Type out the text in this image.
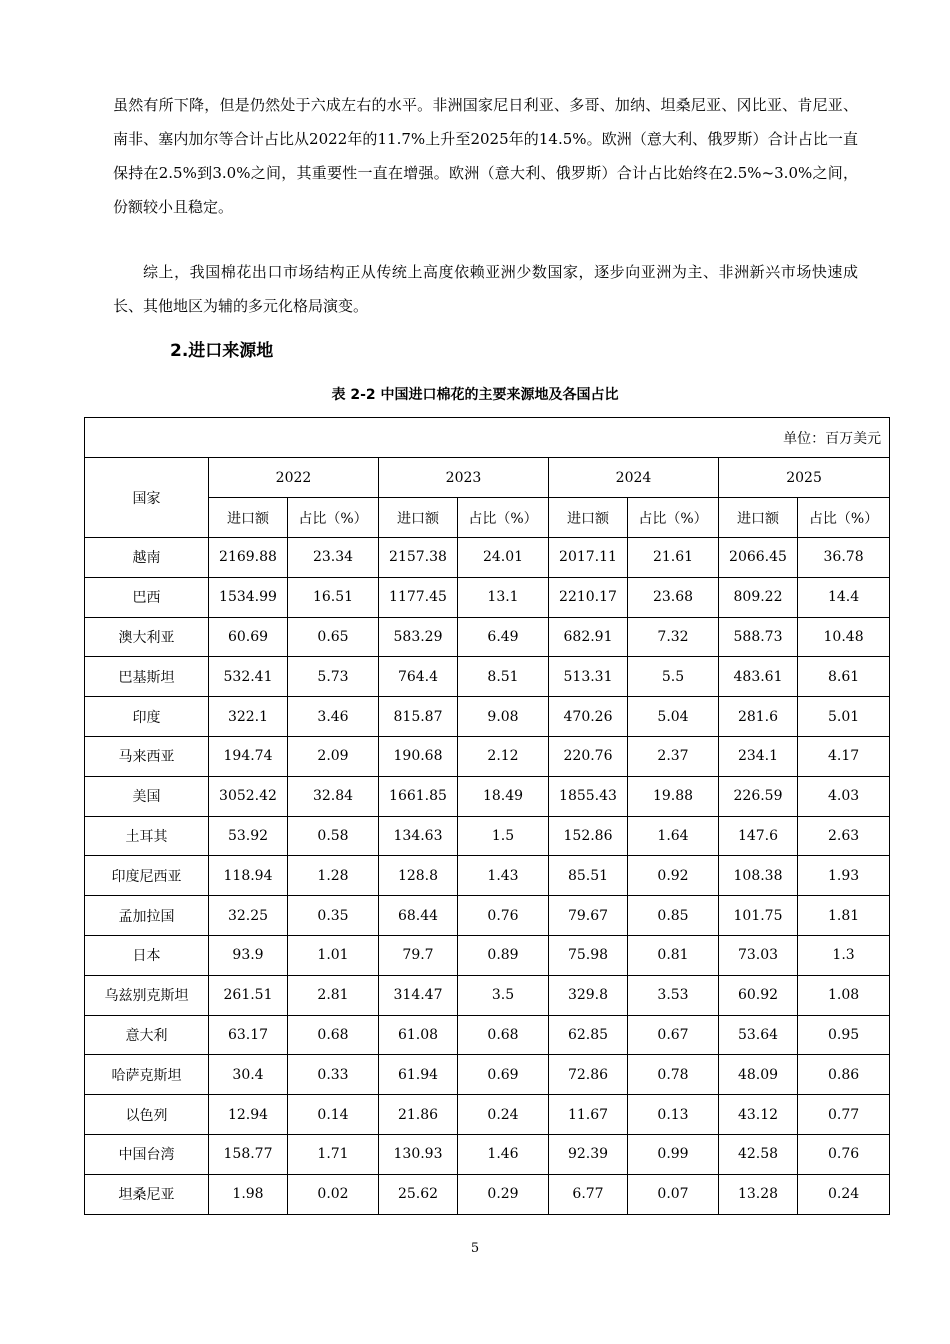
虽然有所下降，但是仍然处于六成左右的水平。非洲国家尼日利亚、多哥、加纳、坦桑尼亚、冈比亚、肯尼亚、南非、塞内加尔等合计占比从2022年的11.7%上升至2025年的14.5%。欧洲（意大利、俄罗斯）合计占比一直保持在2.5%到3.0%之间，其重要性一直在增强。欧洲（意大利、俄罗斯）合计占比始终在2.5%~3.0%之间，份额较小且稳定。

综上，我国棉花出口市场结构正从传统上高度依赖亚洲少数国家，逐步向亚洲为主、非洲新兴市场快速成长、其他地区为辅的多元化格局演变。

2.进口来源地

表 2-2 中国进口棉花的主要来源地及各国占比

单位：百万美元								
国家	2022		2023		2024		2025	
	进口额	占比（%）	进口额	占比（%）	进口额	占比（%）	进口额	占比（%）
越南	2169.88	23.34	2157.38	24.01	2017.11	21.61	2066.45	36.78
巴西	1534.99	16.51	1177.45	13.1	2210.17	23.68	809.22	14.4
澳大利亚	60.69	0.65	583.29	6.49	682.91	7.32	588.73	10.48
巴基斯坦	532.41	5.73	764.4	8.51	513.31	5.5	483.61	8.61
印度	322.1	3.46	815.87	9.08	470.26	5.04	281.6	5.01
马来西亚	194.74	2.09	190.68	2.12	220.76	2.37	234.1	4.17
美国	3052.42	32.84	1661.85	18.49	1855.43	19.88	226.59	4.03
土耳其	53.92	0.58	134.63	1.5	152.86	1.64	147.6	2.63
印度尼西亚	118.94	1.28	128.8	1.43	85.51	0.92	108.38	1.93
孟加拉国	32.25	0.35	68.44	0.76	79.67	0.85	101.75	1.81
日本	93.9	1.01	79.7	0.89	75.98	0.81	73.03	1.3
乌兹别克斯坦	261.51	2.81	314.47	3.5	329.8	3.53	60.92	1.08
意大利	63.17	0.68	61.08	0.68	62.85	0.67	53.64	0.95
哈萨克斯坦	30.4	0.33	61.94	0.69	72.86	0.78	48.09	0.86
以色列	12.94	0.14	21.86	0.24	11.67	0.13	43.12	0.77
中国台湾	158.77	1.71	130.93	1.46	92.39	0.99	42.58	0.76
坦桑尼亚	1.98	0.02	25.62	0.29	6.77	0.07	13.28	0.24

5
